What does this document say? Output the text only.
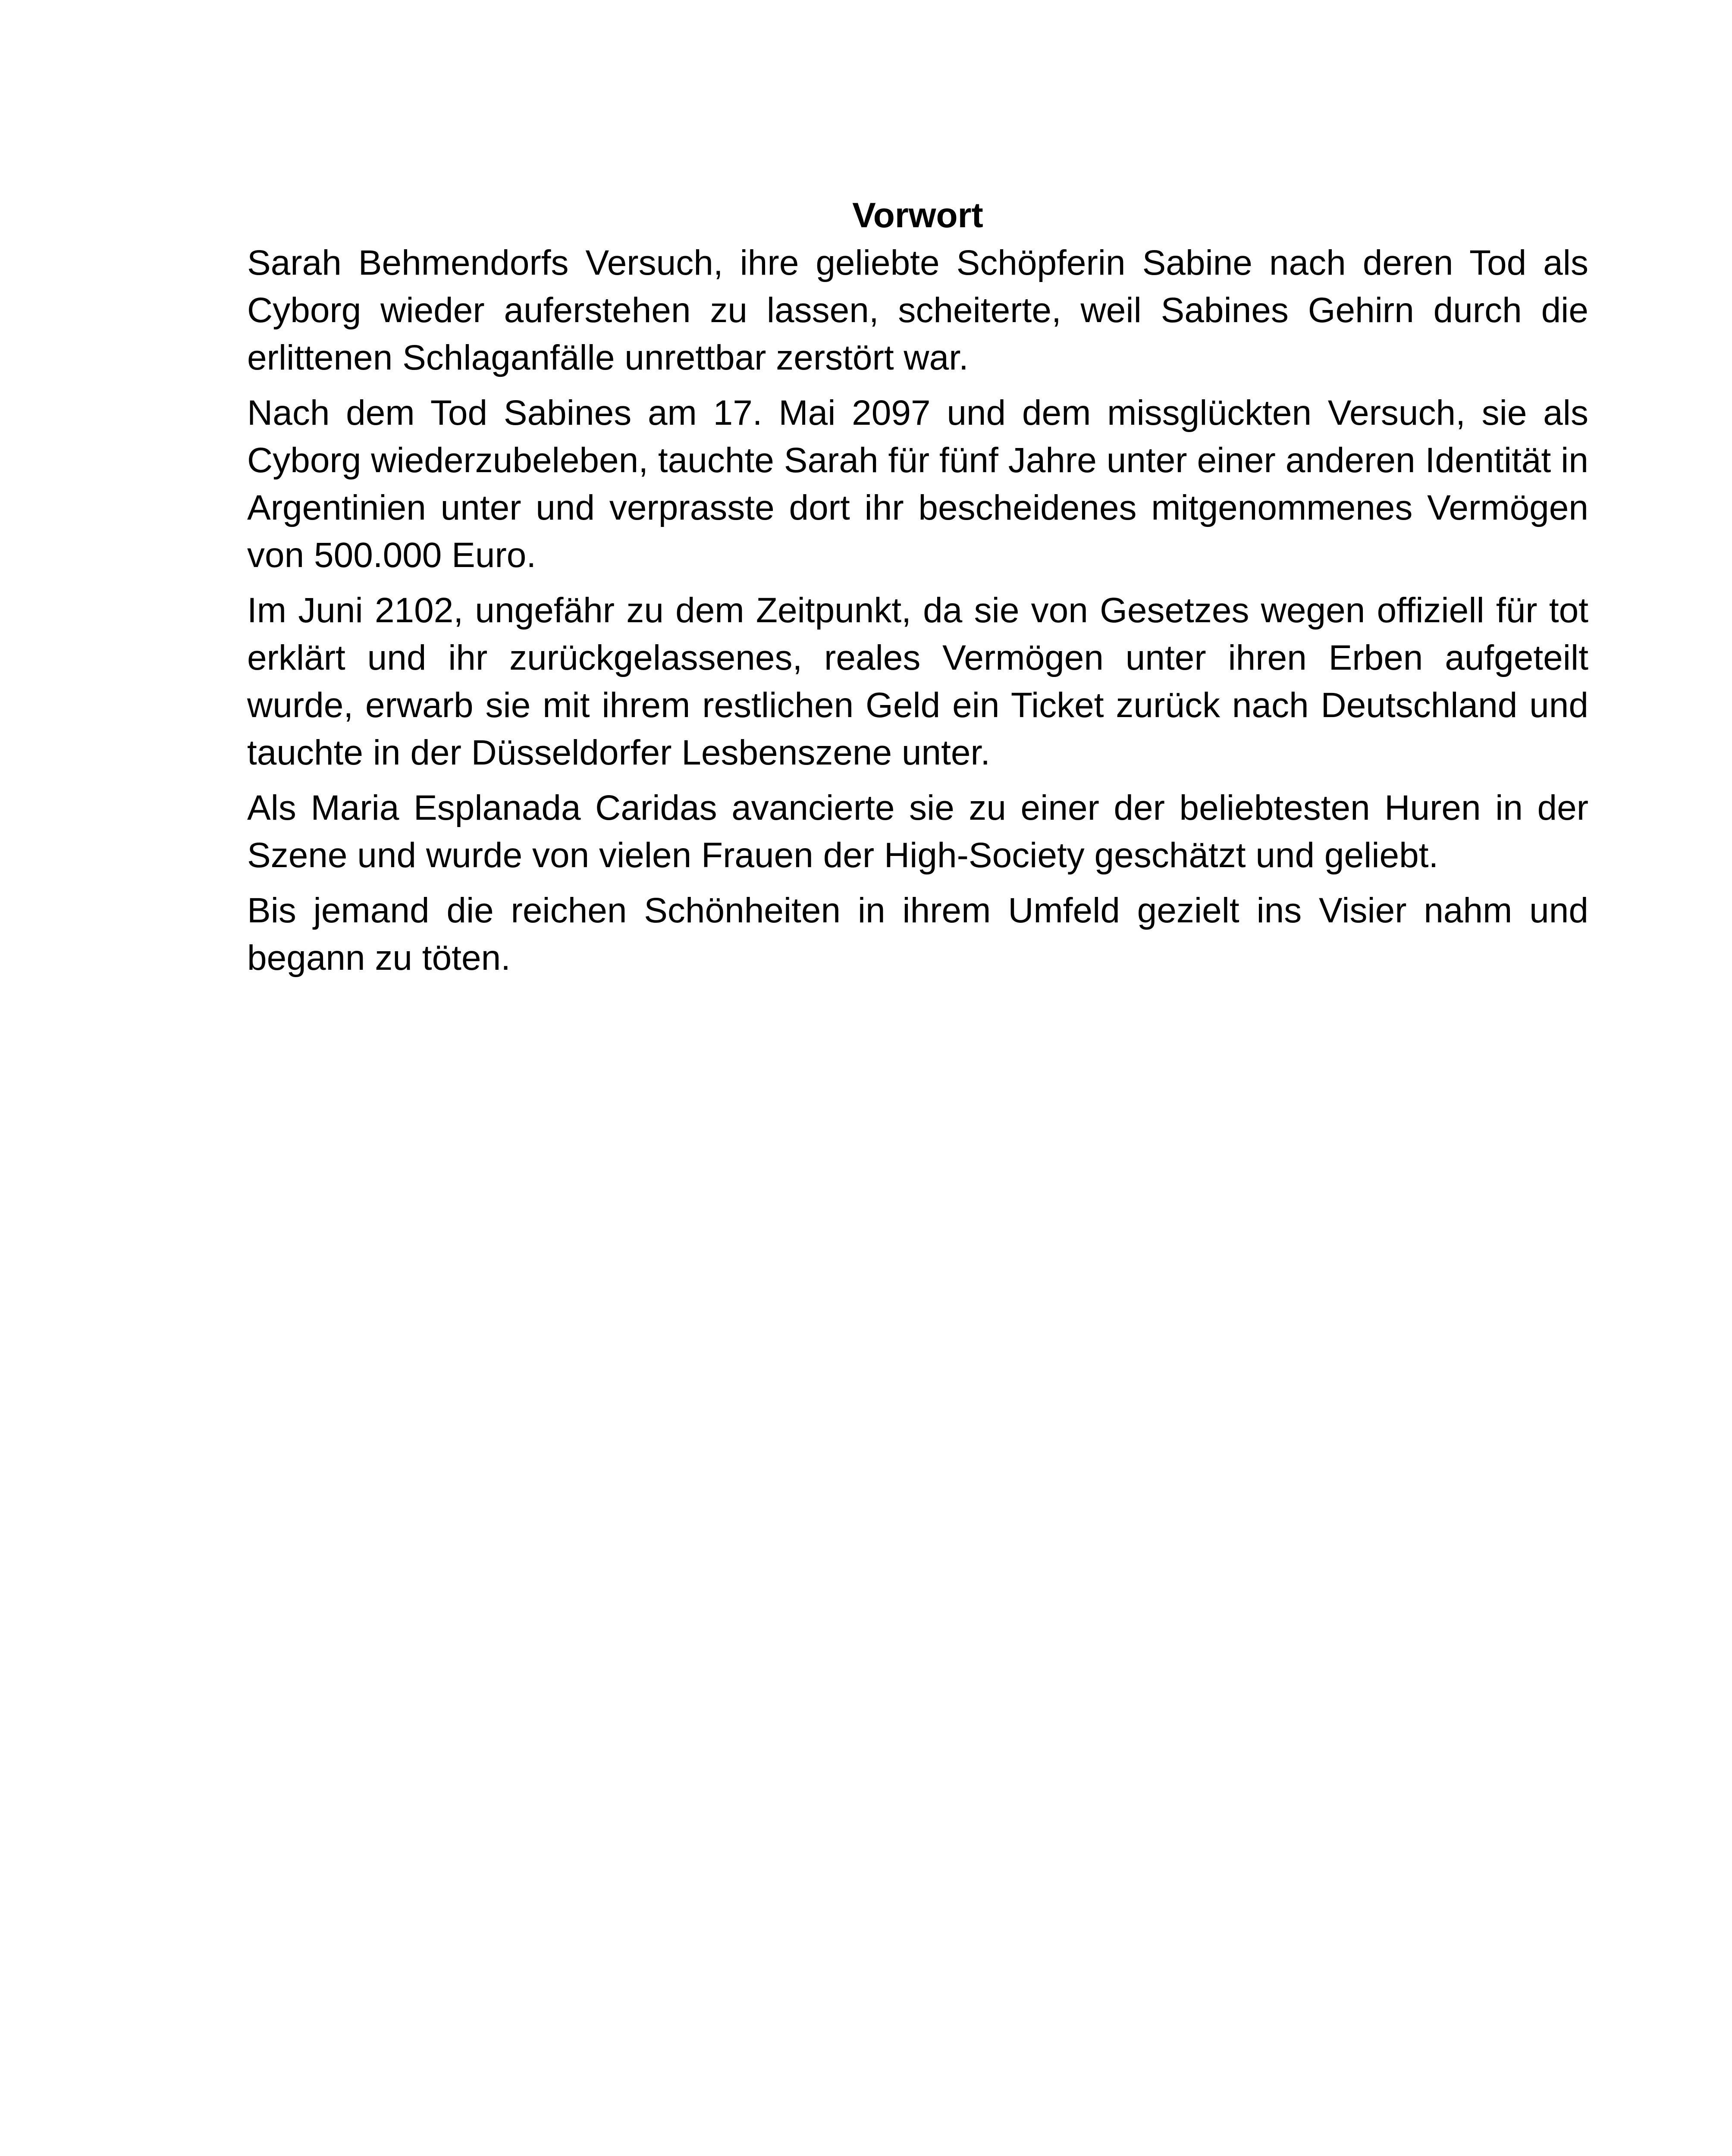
Vorwort

Sarah Behmendorfs Versuch, ihre geliebte Schöpferin Sabine nach deren Tod als Cyborg wieder auferstehen zu lassen, scheiterte, weil Sabines Gehirn durch die erlittenen Schlaganfälle unrettbar zerstört war.

Nach dem Tod Sabines am 17. Mai 2097 und dem missglückten Versuch, sie als Cyborg wiederzubeleben, tauchte Sarah für fünf Jahre unter einer anderen Identität in Argentinien unter und verprasste dort ihr bescheidenes mitgenommenes Vermögen von 500.000 Euro.

Im Juni 2102, ungefähr zu dem Zeitpunkt, da sie von Gesetzes wegen offiziell für tot erklärt und ihr zurückgelassenes, reales Vermögen unter ihren Erben aufgeteilt wurde, erwarb sie mit ihrem restlichen Geld ein Ticket zurück nach Deutschland und tauchte in der Düsseldorfer Lesbenszene unter.

Als Maria Esplanada Caridas avancierte sie zu einer der beliebtesten Huren in der Szene und wurde von vielen Frauen der High-Society geschätzt und geliebt.

Bis jemand die reichen Schönheiten in ihrem Umfeld gezielt ins Visier nahm und begann zu töten.
